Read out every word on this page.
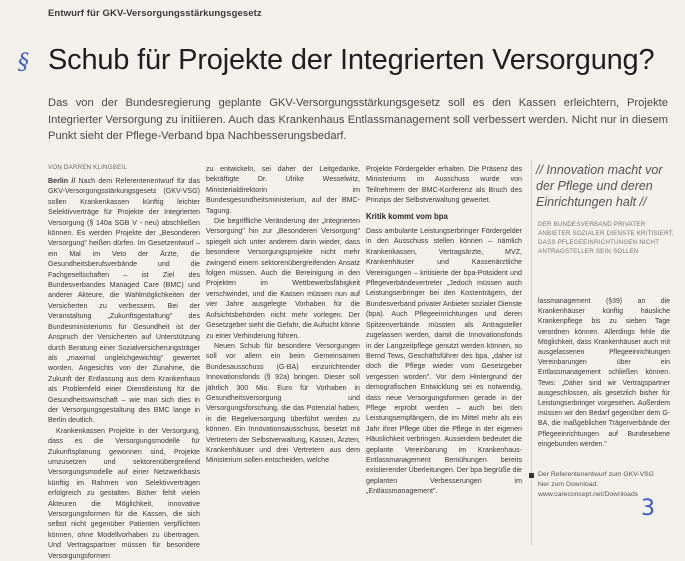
Entwurf für GKV-Versorgungsstärkungsgesetz
§ Schub für Projekte der Integrierten Versorgung?

Das von der Bundesregierung geplante GKV-Versorgungsstärkungsgesetz soll es den Kassen erleichtern, Projekte Integrierter Versorgung zu initiieren. Auch das Krankenhaus Entlassmanagement soll verbessert werden. Nicht nur in diesem Punkt sieht der Pflege-Verband bpa Nachbesserungsbedarf.

VON DARREN KLINGBEIL

Berlin // Nach dem Referentenentwurf für das GKV-Versorgungsstärkungsgesetz (GKV-VSG) sollen Krankenkassen künftig leichter Selektivverträge für Projekte der Integrierten Versorgung (§ 140a SGB V - neu) abschließen können. Es werden Projekte der „Besonderen Versorgung" heißen dürfen. Im Gesetzentwurf – ein Mal im Veto der Ärzte, die Gesundheitsberufsverbände und die Fachgesellschaften – ist Ziel des Bundesverbandes Managed Care (BMC) und anderer Akteure, die Wahlmöglichkeiten der Versicherten zu verbessern. Bei der Veranstaltung „Zukunftsgestaltung" des Bundesministeriums für Gesundheit ist der Anspruch der Versicherten auf Unterstützung durch Beratung einer Sozialversicherungsträger als „maximal ungleichgewichtig" gewertet worden. Angesichts von der Zunahme, die Zukunft der Entlassung aus dem Krankenhaus als Problemfeld einer Dienstleistung für die Gesundheitswirtschaft – wie man sich dies in der Versorgungsgestaltung des BMC lange in Berlin deutlich.

Krankenkassen Projekte in der Versorgung, dass es die Versorgungsmodelle für Zukunftsplanung gewonnen sind, Projekte umzusetzen und sektorenübergreifend Versorgungsmodelle auf einer Netzwerkbasis künftig im Rahmen von Selektivverträgen erfolgreich zu gestalten. Bisher fehlt vielen Akteuren die Möglichkeit, innovative Versorgungsformen für die Kassen, die sich selbst nicht gegenüber Patienten verpflichten können, ohne Modellvorhaben zu übertragen. Und Vertragspartner müssen für besondere Versorgungsformen

zu entwickeln, sei daher der Leitgedanke, bekräftigte Dr. Ulrike Wesselwitz, Ministerialdirektorin im Bundesgesundheitsministerium, auf der BMC-Tagung.

Die begriffliche Veränderung der „Integrierten Versorgung" hin zur „Besonderen Versorgung" spiegelt sich unter anderem darin wieder, dass besondere Versorgungsprojekte nicht mehr zwingend einem sektorenübergreifenden Ansatz folgen müssen. Auch die Bereinigung in den Projekten im Wettbewerbsfähigkeit verschwindet, und die Kassen müssen nun auf vier Jahre ausgelegte Vorhaben für die Aufsichtsbehörden nicht mehr vorlegen. Der Gesetzgeber sieht die Gefahr, die Aufsicht könne zu einer Verhinderung führen.

Neuen Schub für besondere Versorgungen soll vor allem ein beim Gemeinsamen Bundesausschuss (G-BA) einzurichtender Innovationsfonds (§ 92a) bringen. Dieser soll jährlich 300 Mio. Euro für Vorhaben in Gesundheitsversorgung und Versorgungsforschung, die das Potenzial haben, in die Regelversorgung überführt werden zu können. Ein Innovationsausschuss, besetzt mit Vertretern der Selbstverwaltung, Kassen, Ärzten, Krankenhäuser und drei Vertretern aus dem Ministerium sollen entscheiden, welche

Projekte Fördergelder erhalten. Die Präsenz des Ministeriums im Ausschuss wurde von Teilnehmern der BMC-Konferenz als Bruch des Prinzips der Selbstverwaltung gewertet.

Kritik kommt vom bpa

Dass ambulante Leistungserbringer Fördergelder in den Ausschuss stellen können – nämlich Krankenkassen, Vertragsärzte, MVZ, Krankenhäuser und Kassenärztliche Vereinigungen – kritisierte der bpa-Präsident und Pflegeverbändevertreter „Jedoch müssen auch Leistungserbringer bei den Kostenträgern, der Bundesverband privater Anbieter sozialer Dienste (bpa). Auch Pflegeeinrichtungen und deren Spitzenverbände müssten als Antragsteller zugelassen werden, damit die Innovationsfonds in der Langzeitpflege genutzt werden können, so Bernd Tews, Geschäftsführer des bpa, „daher ist doch die Pflege wieder vom Gesetzgeber vergessen worden". Vor dem Hintergrund der demografischen Entwicklung sei es notwendig, dass neue Versorgungsformen gerade in der Pflege erprobt werden – auch bei den Leistungsempfängern, die im Mittel mehr als ein Jahr ihrer Pflege über die Pflege in der eigenen Häuslichkeit verbringen. Ausserdem bedeutet die geplante Vereinbarung im Krankenhaus-Entlassmanagement Bemühungen bereits existierender Überleitungen. Der bpa begrüße die geplanten Verbesserungen im „Entlassmanagement".

// Innovation macht vor der Pflege und deren Einrichtungen halt //
DER BUNDESVERBAND PRIVATER ANBIETER SOZIALER DIENSTE KRITISIERT, DASS PFLEGEEINRICHTUNGEN NICHT ANTRAGSTELLER SEIN SOLLEN

lassmanagement (§39) an die Krankenhäuser künftig häusliche Krankenpflege bis zu sieben Tage verordnen können. Allerdings fehle die Möglichkeit, dass Krankenhäuser auch mit ausgelassenen Pflegeeinrichtungen Vereinbarungen über ein Entlassmanagement schließen können. Tews: „Daher sind wir Vertragspartner ausgeschlossen, als gesetzlich bisher für Leistungserbringer vorgesehen. Außerdem müssen wir den Bedarf gegenüber dem G-BA, die maßgeblichen Trägerverbände der Pflegeeinrichtungen auf Bundesebene eingebunden werden."

Der Referentenentwurf zum GKV-VSG hier zum Download: www.careconcept.net/Downloads
3
